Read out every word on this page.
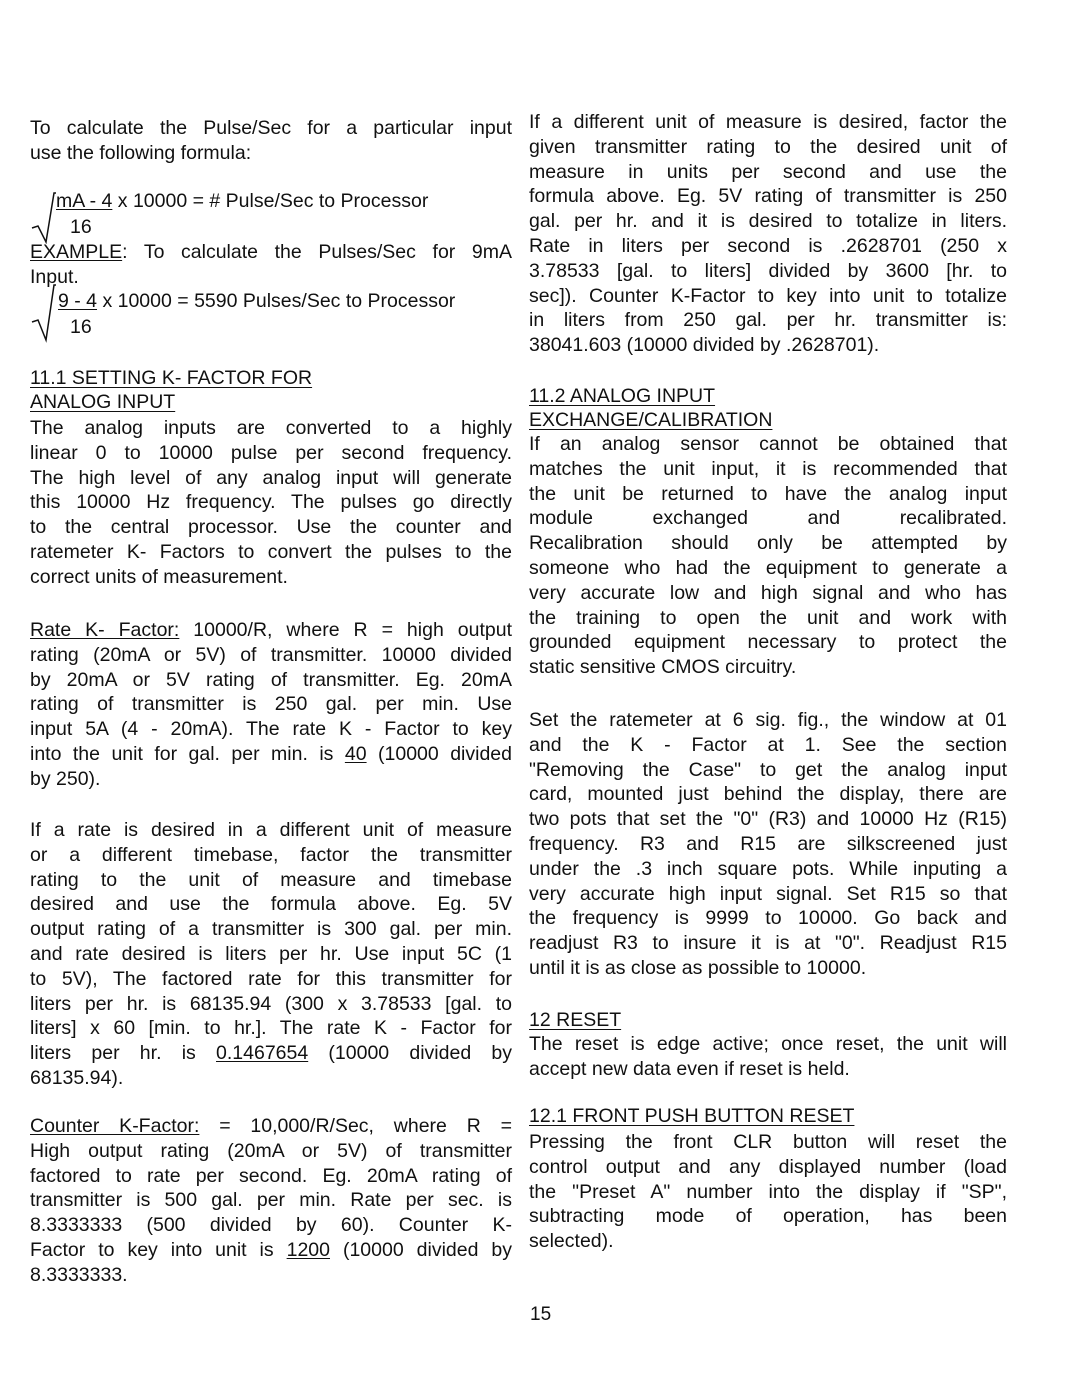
To calculate the Pulse/Sec for a particular input
use the following formula:
mA - 4 x 10000 = # Pulse/Sec to Processor
16
EXAMPLE: To calculate the Pulses/Sec for 9mA
Input.
9 - 4 x 10000 = 5590 Pulses/Sec to Processor
16
11.1 SETTING K- FACTOR FOR
ANALOG INPUT
The analog inputs are converted to a highly
linear 0 to 10000 pulse per second frequency.
The high level of any analog input will generate
this 10000 Hz frequency. The pulses go directly
to the central processor. Use the counter and
ratemeter K- Factors to convert the pulses to the
correct units of measurement.
Rate K- Factor: 10000/R, where R = high output
rating (20mA or 5V) of transmitter. 10000 divided
by 20mA or 5V rating of transmitter. Eg. 20mA
rating of transmitter is 250 gal. per min. Use
input 5A (4 - 20mA). The rate K - Factor to key
into the unit for gal. per min. is 40 (10000 divided
by 250).
If a rate is desired in a different unit of measure
or a different timebase, factor the transmitter
rating to the unit of measure and timebase
desired and use the formula above. Eg. 5V
output rating of a transmitter is 300 gal. per min.
and rate desired is liters per hr. Use input 5C (1
to 5V), The factored rate for this transmitter for
liters per hr. is 68135.94 (300 x 3.78533 [gal. to
liters] x 60 [min. to hr.]. The rate K - Factor for
liters per hr. is 0.1467654 (10000 divided by
68135.94).
Counter K-Factor: = 10,000/R/Sec, where R =
High output rating (20mA or 5V) of transmitter
factored to rate per second. Eg. 20mA rating of
transmitter is 500 gal. per min. Rate per sec. is
8.3333333 (500 divided by 60). Counter K-
Factor to key into unit is 1200 (10000 divided by
8.3333333.
If a different unit of measure is desired, factor the
given transmitter rating to the desired unit of
measure in units per second and use the
formula above. Eg. 5V rating of transmitter is 250
gal. per hr. and it is desired to totalize in liters.
Rate in liters per second is .2628701 (250 x
3.78533 [gal. to liters] divided by 3600 [hr. to
sec]). Counter K-Factor to key into unit to totalize
in liters from 250 gal. per hr. transmitter is:
38041.603 (10000 divided by .2628701).
11.2 ANALOG INPUT
EXCHANGE/CALIBRATION
If an analog sensor cannot be obtained that
matches the unit input, it is recommended that
the unit be returned to have the analog input
module exchanged and recalibrated.
Recalibration should only be attempted by
someone who had the equipment to generate a
very accurate low and high signal and who has
the training to open the unit and work with
grounded equipment necessary to protect the
static sensitive CMOS circuitry.
Set the ratemeter at 6 sig. fig., the window at 01
and the K - Factor at 1. See the section
"Removing the Case" to get the analog input
card, mounted just behind the display, there are
two pots that set the "0" (R3) and 10000 Hz (R15)
frequency. R3 and R15 are silkscreened just
under the .3 inch square pots. While inputing a
very accurate high input signal. Set R15 so that
the frequency is 9999 to 10000. Go back and
readjust R3 to insure it is at "0". Readjust R15
until it is as close as possible to 10000.
12 RESET
The reset is edge active; once reset, the unit will
accept new data even if reset is held.
12.1 FRONT PUSH BUTTON RESET
Pressing the front CLR button will reset the
control output and any displayed number (load
the "Preset A" number into the display if "SP",
subtracting mode of operation, has been
selected).
15
